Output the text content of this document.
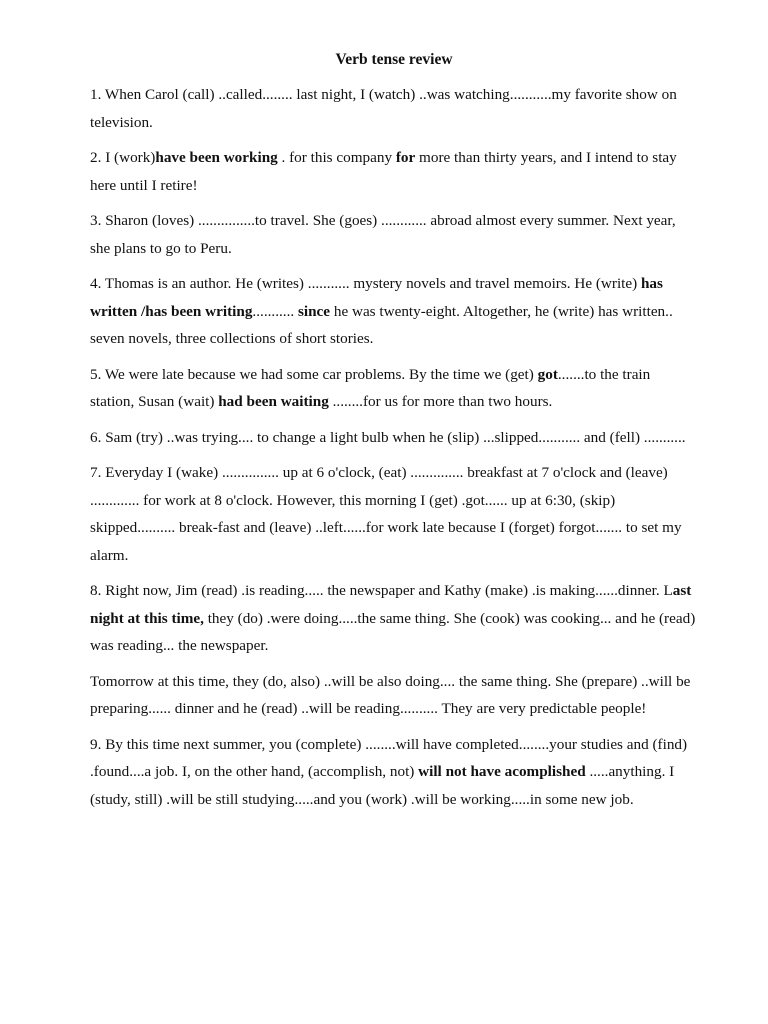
Verb tense review

1. When Carol (call) ..called........ last night, I (watch) ..was watching...........my favorite show on television.

2. I (work)have been working . for this company for more than thirty years, and I intend to stay here until I retire!

3. Sharon (loves) ...............to travel. She (goes) ............ abroad almost every summer. Next year, she plans to go to Peru.

4. Thomas is an author. He (writes) ........... mystery novels and travel memoirs. He (write) has written /has been writing........... since he was twenty-eight. Altogether, he (write) has written.. seven novels, three collections of short stories.

5. We were late because we had some car problems. By the time we (get) got.......to the train station, Susan (wait) had been waiting ........for us for more than two hours.

6. Sam (try) ..was trying.... to change a light bulb when he (slip) ...slipped........... and (fell) ...........

7. Everyday I (wake) ............... up at 6 o'clock, (eat) .............. breakfast at 7 o'clock and (leave) ............. for work at 8 o'clock. However, this morning I (get) .got...... up at 6:30, (skip) skipped.......... break-fast and (leave) ..left......for work late because I (forget) forgot....... to set my alarm.

8. Right now, Jim (read) .is reading..... the newspaper and Kathy (make) .is making......dinner. Last night at this time, they (do) .were doing.....the same thing. She (cook) was cooking... and he (read) was reading... the newspaper.

Tomorrow at this time, they (do, also) ..will be also doing.... the same thing. She (prepare) ..will be preparing...... dinner and he (read) ..will be reading.......... They are very predictable people!

9. By this time next summer, you (complete) ........will have completed........your studies and (find) .found....a job. I, on the other hand, (accomplish, not) will not have acomplished .....anything. I (study, still) .will be still studying.....and you (work) .will be working.....in some new job.
